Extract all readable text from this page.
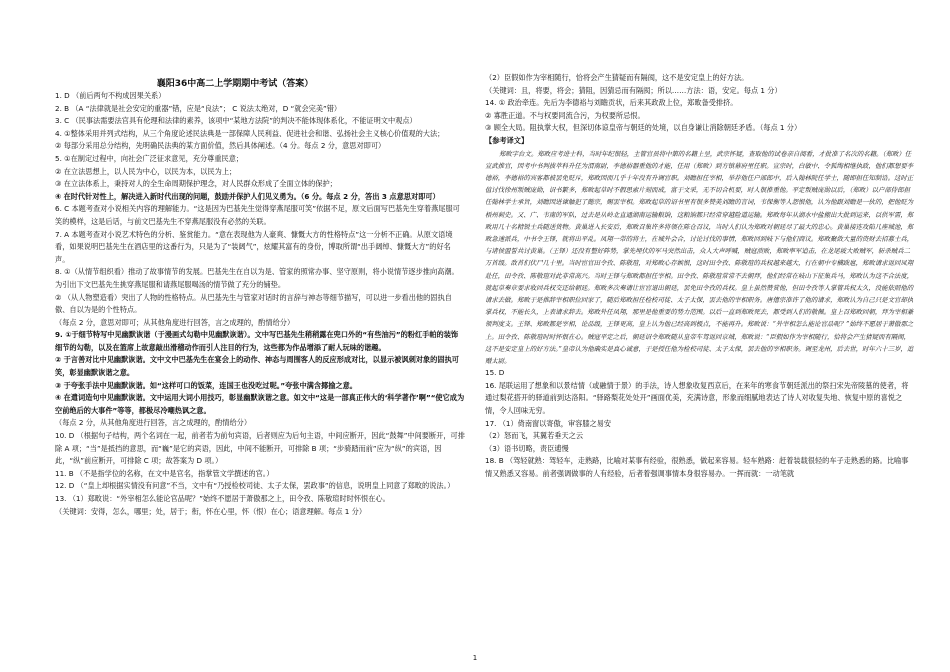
襄阳36中高二上学期期中考试（答案）

1. D （前后两句不构成因果关系）

2. B （A “法律就是社会安定的重器”错，应是“良法”； C 说法太绝对，D “就会完美”错）

3. C （民事法需要法官具有伦理和法律的素养，该项中“某地方法院”的判决不能体现体系化，不能证明文中观点）

4. ①整体采用并列式结构，从三个角度论述民法典是一部保障人民利益、促进社会和谐、弘扬社会主义核心价值观的大法；

② 每部分采用总分结构，先明确民法典的某方面价值，然后具体阐述。（4 分。每点 2 分，意思对即可）

5. ①在制定过程中，向社会广泛征求意见，充分尊重民意；

② 在立法思想上，以人民为中心，以民为本，以民为上；

③ 在立法体系上，秉持对人的全生命周期保护理念，对人民群众形成了全面立体的保护；

④ 在时代针对性上，解决进入新时代出现的问题，鼓励并保护人们见义勇为。（6 分。每点 2 分，答出 3 点意思对即可）

6. C 本题考查对小说相关内容的理解能力。“这是因为巴基先生觉得穿燕尾服可笑”依据不足，原文后面写巴基先生穿着燕尾服可笑的模样，这是后话，与前文巴基先生不穿燕尾服没有必然的关联。

7. A 本题考查对小说艺术特色的分析、鉴赏能力。“意在表现他为人豪爽、慷慨大方的性格特点”这一分析不正确。从原文语境看，如果说明巴基先生在酒店里的这番行为，只是为了“装阔气”，炫耀其富有的身份，博取所谓“出手阔绰、慷慨大方”的好名声。

8. ①（从情节组织看）推动了故事情节的发展。巴基先生在自以为是、管家的照常办事、坚守原则，将小说情节逐步推向高潮。 为引出下文巴基先生挑穿燕尾服和请燕尾服喝汤的情节做了充分的铺垫。

② （从人物塑造看）突出了人物的性格特点。从巴基先生与管家对话时的言辞与神态等细节描写，可以进一步看出他的固执自傲、自以为是的个性特点。

（每点 2 分，意思对即可；从其他角度进行回答，言之成理的，酌情给分）

9. ①于细节特写中见幽默诙谐（于漫画式勾勒中见幽默诙谐）。文中写巴基先生稍稍露在兜口外的“有些油污”的粉红手帕的装饰细节的勾勒，以及在篮席上故意敲出滑稽动作而引人注目的行为，这些都为作品增添了耐人玩味的谐趣。

② 于言善对比中见幽默诙谐。文中文中巴基先生在宴会上的动作、神态与周围客人的反应形成对比，以显示被讽刺对象的固执可笑，彰显幽默诙谐之意。

③ 于夸张手法中见幽默诙谐。如“这样可口的饭菜，连国王也没吃过呢。”夸张中满含揶揄之意。

④ 在遣词造句中见幽默诙谐。文中运用大词小用技巧，彰显幽默诙谐之意。如文中“这是一部真正伟大的‘科学著作’啊”“使它成为空前绝后的大事件”等等，都极尽冷嘲热讽之意。

（每点 2 分，从其他角度进行回答，言之成理的，酌情给分）

10. D （根据句子结构，两个名词在一起，前者若为前句宾语，后者则应为后句主语，中间应断开，因此“鼓舞”中间要断开，可排除 A 项；“当”是抵挡的意思，而“巍”是它的宾语，因此，中间不能断开，可排除 B 项；“步骑踏而前”应为“纵”的宾语，因此，“纵”前应断开，可排除 C 项；故答案为 D 项。）

11. B （不是指学位的名称，在文中是官名，指掌管文学撰述的官。）

12. D （“皇上却根据实情没有问意”不当，文中有“乃授检校司徒、太子太保，罢政事”的信息，说明皇上同意了郑畋的说法。）

13. （1）郑畋说：“外宰相怎么能论官品呢？”始终不愿居于萧傲那之上，田令孜、陈敬瑄时时怀恨在心。

（关键词：安得，怎么，哪里；处，居于；衔，怀在心里，怀（恨）在心；语意理解。每点 1 分）

（2）臣假如作为宰相随行，恰将会产生猜疑而有隔阂，这不是安定皇上的好方法。

（关键词：且，将要，将会；猜阻，因猜忌而有隔阂；所以……方法：语，安定。每点 1 分）

14. ① 政治牵连。先后为李德裕与刘瞻贡状，后来其政敌上位，郑畋备受排挤。

② 寡胜正道。不与权要同流合污，为权要所忌恨。

③ 顾全大局。阻执掌大权，但深切体谅皇帝与朝廷的处境，以自身谦让消除朝廷矛盾。（每点 1 分）

【参考译文】

郑畋字台文。郑畋应考进士科，当时年纪很轻，主管官员将中第的名籍上呈，武宗怀疑，查取他的试卷亲自阅看，才批准了名次的名籍。（郑畋）任宣武推官，因考中书判拔萃科升任为渭南尉，李德裕器重他的才能，任用（郑畋）到方镇幕府里任职。宣宗时，白敏中、令狐绹相继执政，他们都想要李德裕，李德裕的宾客都被罢免贬斥，郑畋因而几乎十年没有升调官职。刘瞻担任宰相，举荐他任户部郎中，后入翰林院任学士，随即担任知制诰。这时正值讨伐徐州叛贼庞勋，诏书繁多，郑畋起草时不假思索片刻而成，富于文采，无不切合机要，时人很推重他。平定叛贼庞勋以后，（郑畋）以户部侍郎担任翰林学士承旨，刘瞻因进谏触犯了懿宗，赐罢宰相。郑畋起草的诏书里有很多赞美刘瞻的言词，韦保衡等人怨恨他，认为他跟刘瞻是一伙的，把他贬为梧州刺史。又、广、韦南的军队，过去是从岭北直通湖南运输粮饷，这粮饷都只经常穿越险道运输。郑畋每年从湖水中盐搬出大批到运来，以供军需，郑畋用几十名精锐士兵随送货物。黄巢进入长安后，郑畋召集许多将领在陈仓召议，当时人们认为郑畋对朝廷尽了最大的忠心。黄巢接连攻陷几座城池，郑畋急速派兵，中书令王铎，就将出平乱。凤翔一带的将士，在城外会合，讨论讨伐的事情，郑畋回到岐下与他们商议。郑畋聚敛大量的资财去招募士兵，与诸侯盟誓共讨黄巢。（王铎）还没有整好阵势，掌先埋伏的军马突然出击，众人大声呼喊，贼寇溃败，郑畋率军追击，在龙尾坡大败贼军，斩杀贼兵二万首级。敌首们伏尸几十里。当时宦官田令孜、陈敬瑄，对郑畋心存嫉恨，这时田令孜、陈敬瑄的兵权越来越大，行在朝中专横跋扈，郑畋请求返回凤翔赴任，田令孜、陈敬瑄对此非常高兴。当时王铎与郑畋都担任宰相。田令孜、陈敬瑄常常不去朝拜，他们经常在岐山下征集兵马，郑畋认为这不合法度，就起草奏章要求收回兵权交还给朝廷。郑畋多次奏请让宦官退出朝廷，罢免田令孜的兵权。皇上虽然赞赏他，但田令孜等人掌管兵权太久，没能依照他的请求去做。郑畋于是推辞宰相职位回家了，随后郑畋担任检校司徒、太子太保，罢去他的宰相职务。唐僖宗准许了他的请求，郑畋认为自己只是文官却执掌兵权，不能长久，上表请求辞去。郑畋外任凤翔，那里是他重要的势力范围。以后一直到郑畋死去，都受到人们的敬佩。皇上召郑畋回朝，拜为宰相兼领判度支。王铎、郑畋都是宰相，论品级，王铎更高，皇上认为他已经高到极点，不能再升。郑畋说：“外宰相怎么能论官品呢？”始终不愿居于萧傲那之上。田令孜、陈敬瑄时时怀恨在心。贼寇平定之后，朝廷诏令郑畋随从皇帝车驾返回京城，郑畋说：“臣假如作为宰相随行，恰将会产生猜疑而有隔阂，这不是安定皇上的好方法。”皇帝认为他确实是真心诚意，于是授任他为检校司徒、太子太保，罢去他的宰相职务。调至龙州，后去世，时年六十三岁，追赠太尉。

15. D

16. 尾联运用了想象和以景结情（或融情于景）的手法，诗人想象收复西京后，在来年的寒食节朝廷派出的祭扫宋先帝陵墓的使者，将通过梨花搭开的驿道前到达洛阳。“驿路梨花处处开”画面优美，充满诗意，形象而细腻地表达了诗人对收复失地、恢复中原的喜悦之情，令人回味无穷。

17. （1）倚南窗以寄傲，审容膝之易安

（2）怒而飞，其翼若垂天之云

（3）语书切略，责臣逋慢

18. B （驾轻就熟：驾轻车，走熟路，比喻对某事有经验，很熟悉，做起来容易。轻车熟路：赶着装载很轻的车子走熟悉的路。比喻事情又熟悉又容易。前者强调做事的人有经验，后者着强调事情本身很容易办。一挥而就：一动笔就

1
